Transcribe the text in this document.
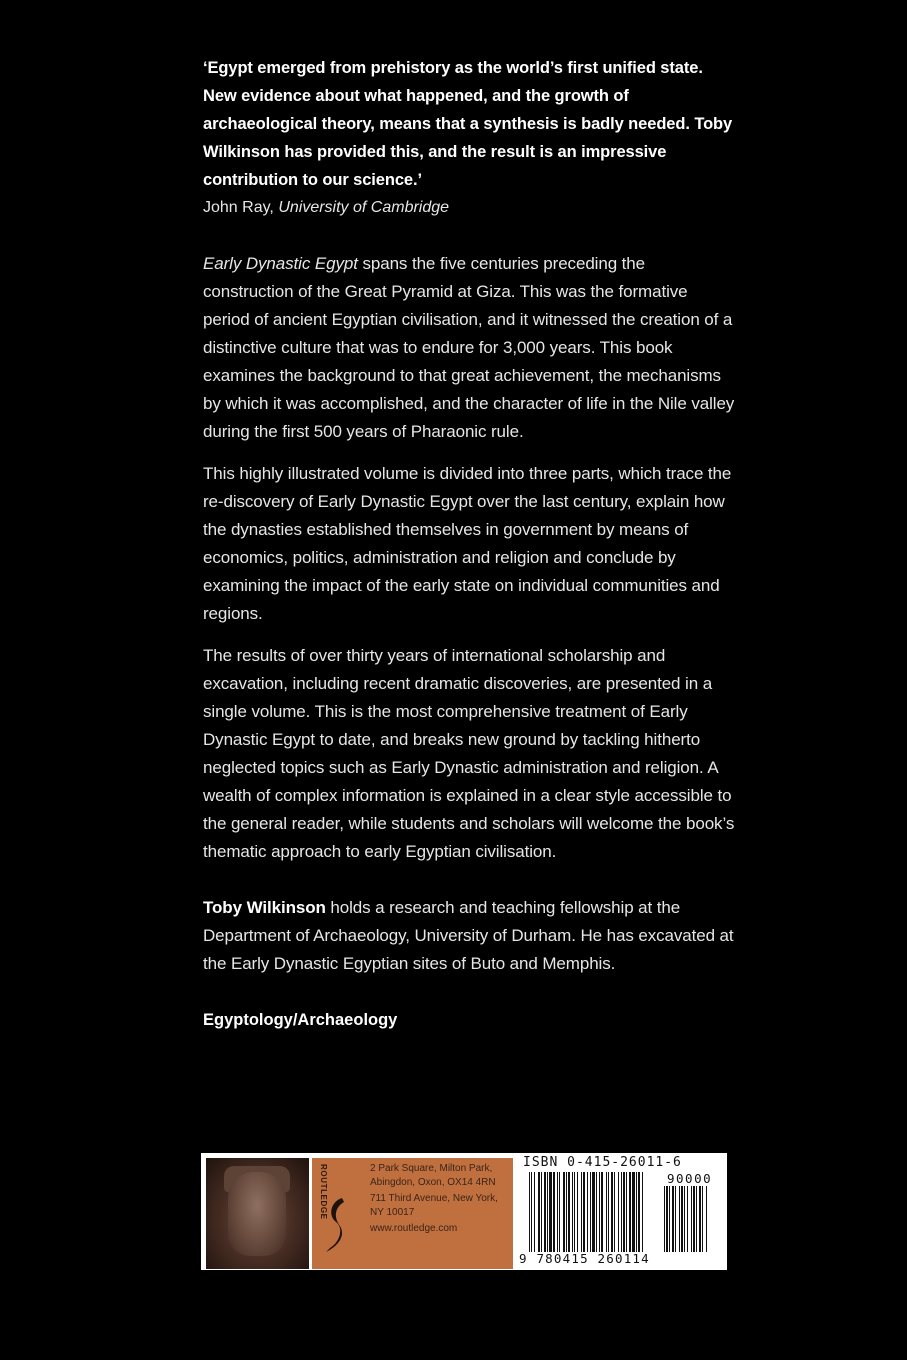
‘Egypt emerged from prehistory as the world’s first unified state. New evidence about what happened, and the growth of archaeological theory, means that a synthesis is badly needed. Toby Wilkinson has provided this, and the result is an impressive contribution to our science.’

John Ray, University of Cambridge

Early Dynastic Egypt spans the five centuries preceding the construction of the Great Pyramid at Giza. This was the formative period of ancient Egyptian civilisation, and it witnessed the creation of a distinctive culture that was to endure for 3,000 years. This book examines the background to that great achievement, the mechanisms by which it was accomplished, and the character of life in the Nile valley during the first 500 years of Pharaonic rule.

This highly illustrated volume is divided into three parts, which trace the re-discovery of Early Dynastic Egypt over the last century, explain how the dynasties established themselves in government by means of economics, politics, administration and religion and conclude by examining the impact of the early state on individual communities and regions.

The results of over thirty years of international scholarship and excavation, including recent dramatic discoveries, are presented in a single volume. This is the most comprehensive treatment of Early Dynastic Egypt to date, and breaks new ground by tackling hitherto neglected topics such as Early Dynastic administration and religion. A wealth of complex information is explained in a clear style accessible to the general reader, while students and scholars will welcome the book’s thematic approach to early Egyptian civilisation.

Toby Wilkinson holds a research and teaching fellowship at the Department of Archaeology, University of Durham. He has excavated at the Early Dynastic Egyptian sites of Buto and Memphis.

Egyptology/Archaeology

ROUTLEDGE	2 Park Square, Milton Park,
Abingdon, Oxon, OX14 4RN
711 Third Avenue, New York,
NY 10017
www.routledge.com
ISBN 0-415-26011-6
90000
9 780415 260114
